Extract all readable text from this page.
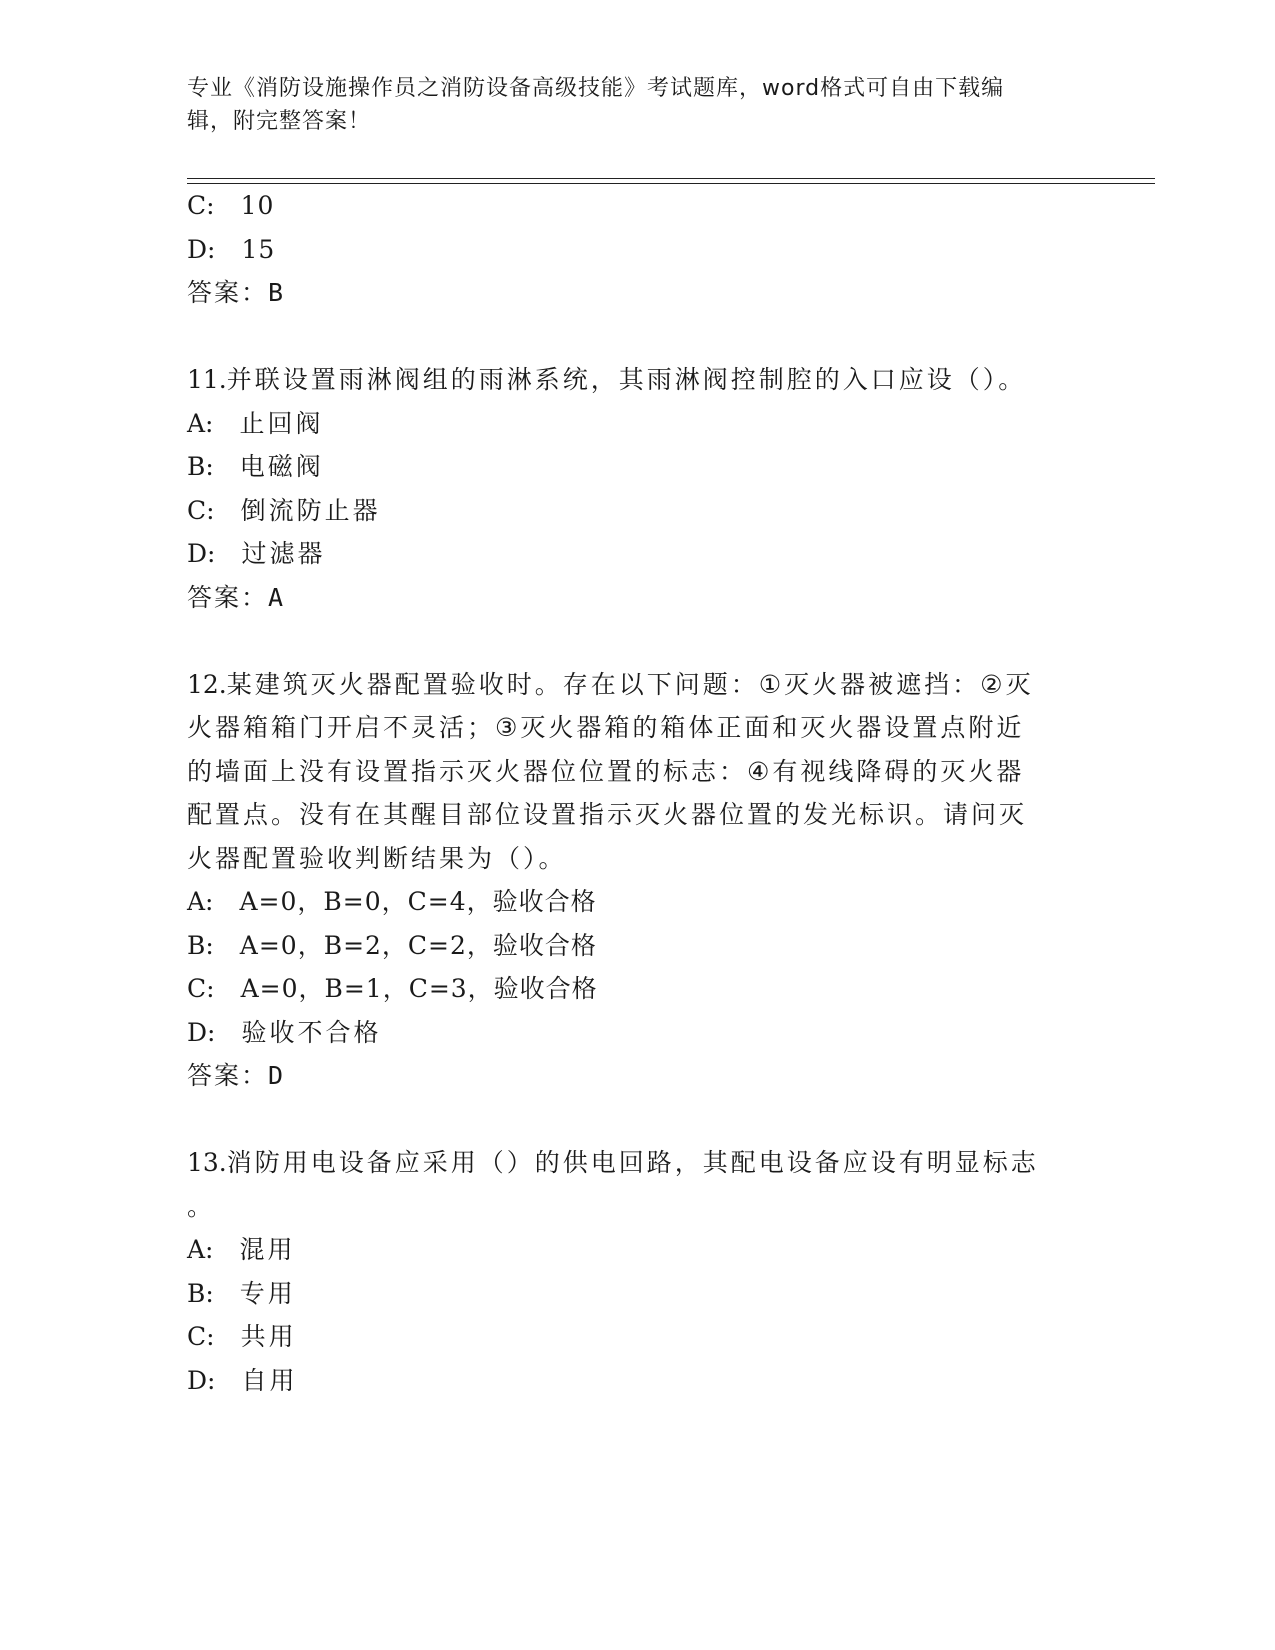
专业《消防设施操作员之消防设备高级技能》考试题库，word格式可自由下载编
辑，附完整答案！
C: 10
D: 15
答案：B
11.并联设置雨淋阀组的雨淋系统，其雨淋阀控制腔的入口应设（）。
A: 止回阀
B: 电磁阀
C: 倒流防止器
D: 过滤器
答案：A
12.某建筑灭火器配置验收时。存在以下问题：①灭火器被遮挡：②灭
火器箱箱门开启不灵活；③灭火器箱的箱体正面和灭火器设置点附近
的墙面上没有设置指示灭火器位位置的标志：④有视线降碍的灭火器
配置点。没有在其醒目部位设置指示灭火器位置的发光标识。请问灭
火器配置验收判断结果为（）。
A: A=0，B=0，C=4，验收合格
B: A=0，B=2，C=2，验收合格
C: A=0，B=1，C=3，验收合格
D: 验收不合格
答案：D
13.消防用电设备应采用（）的供电回路，其配电设备应设有明显标志
。
A: 混用
B: 专用
C: 共用
D: 自用
